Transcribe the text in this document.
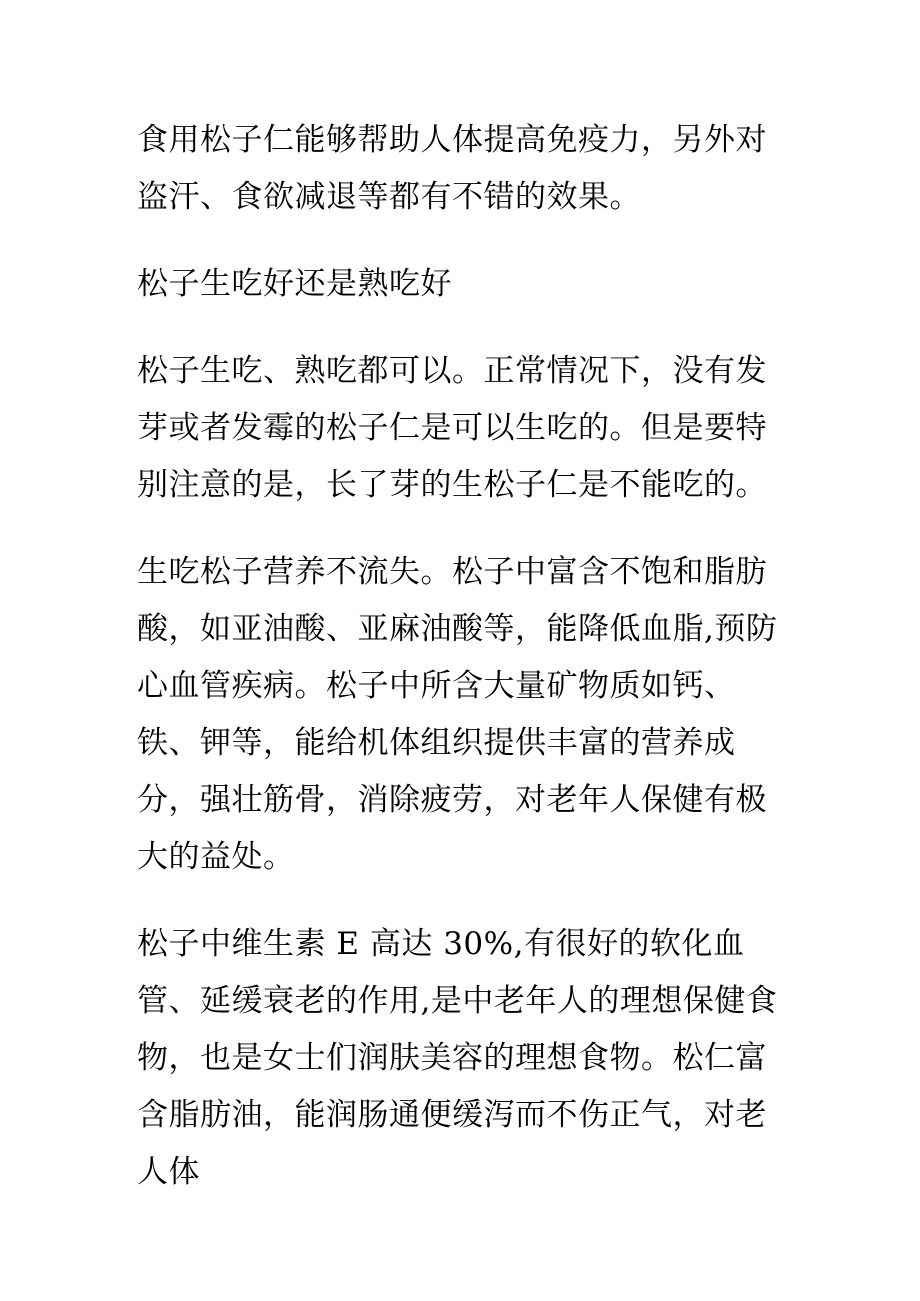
食用松子仁能够帮助人体提高免疫力，另外对盗汗、食欲减退等都有不错的效果。

松子生吃好还是熟吃好

松子生吃、熟吃都可以。正常情况下，没有发芽或者发霉的松子仁是可以生吃的。但是要特别注意的是，长了芽的生松子仁是不能吃的。

生吃松子营养不流失。松子中富含不饱和脂肪酸，如亚油酸、亚麻油酸等，能降低血脂,预防心血管疾病。松子中所含大量矿物质如钙、铁、钾等，能给机体组织提供丰富的营养成分，强壮筋骨，消除疲劳，对老年人保健有极大的益处。

松子中维生素 E 高达 30%,有很好的软化血管、延缓衰老的作用,是中老年人的理想保健食物，也是女士们润肤美容的理想食物。松仁富含脂肪油，能润肠通便缓泻而不伤正气，对老人体
